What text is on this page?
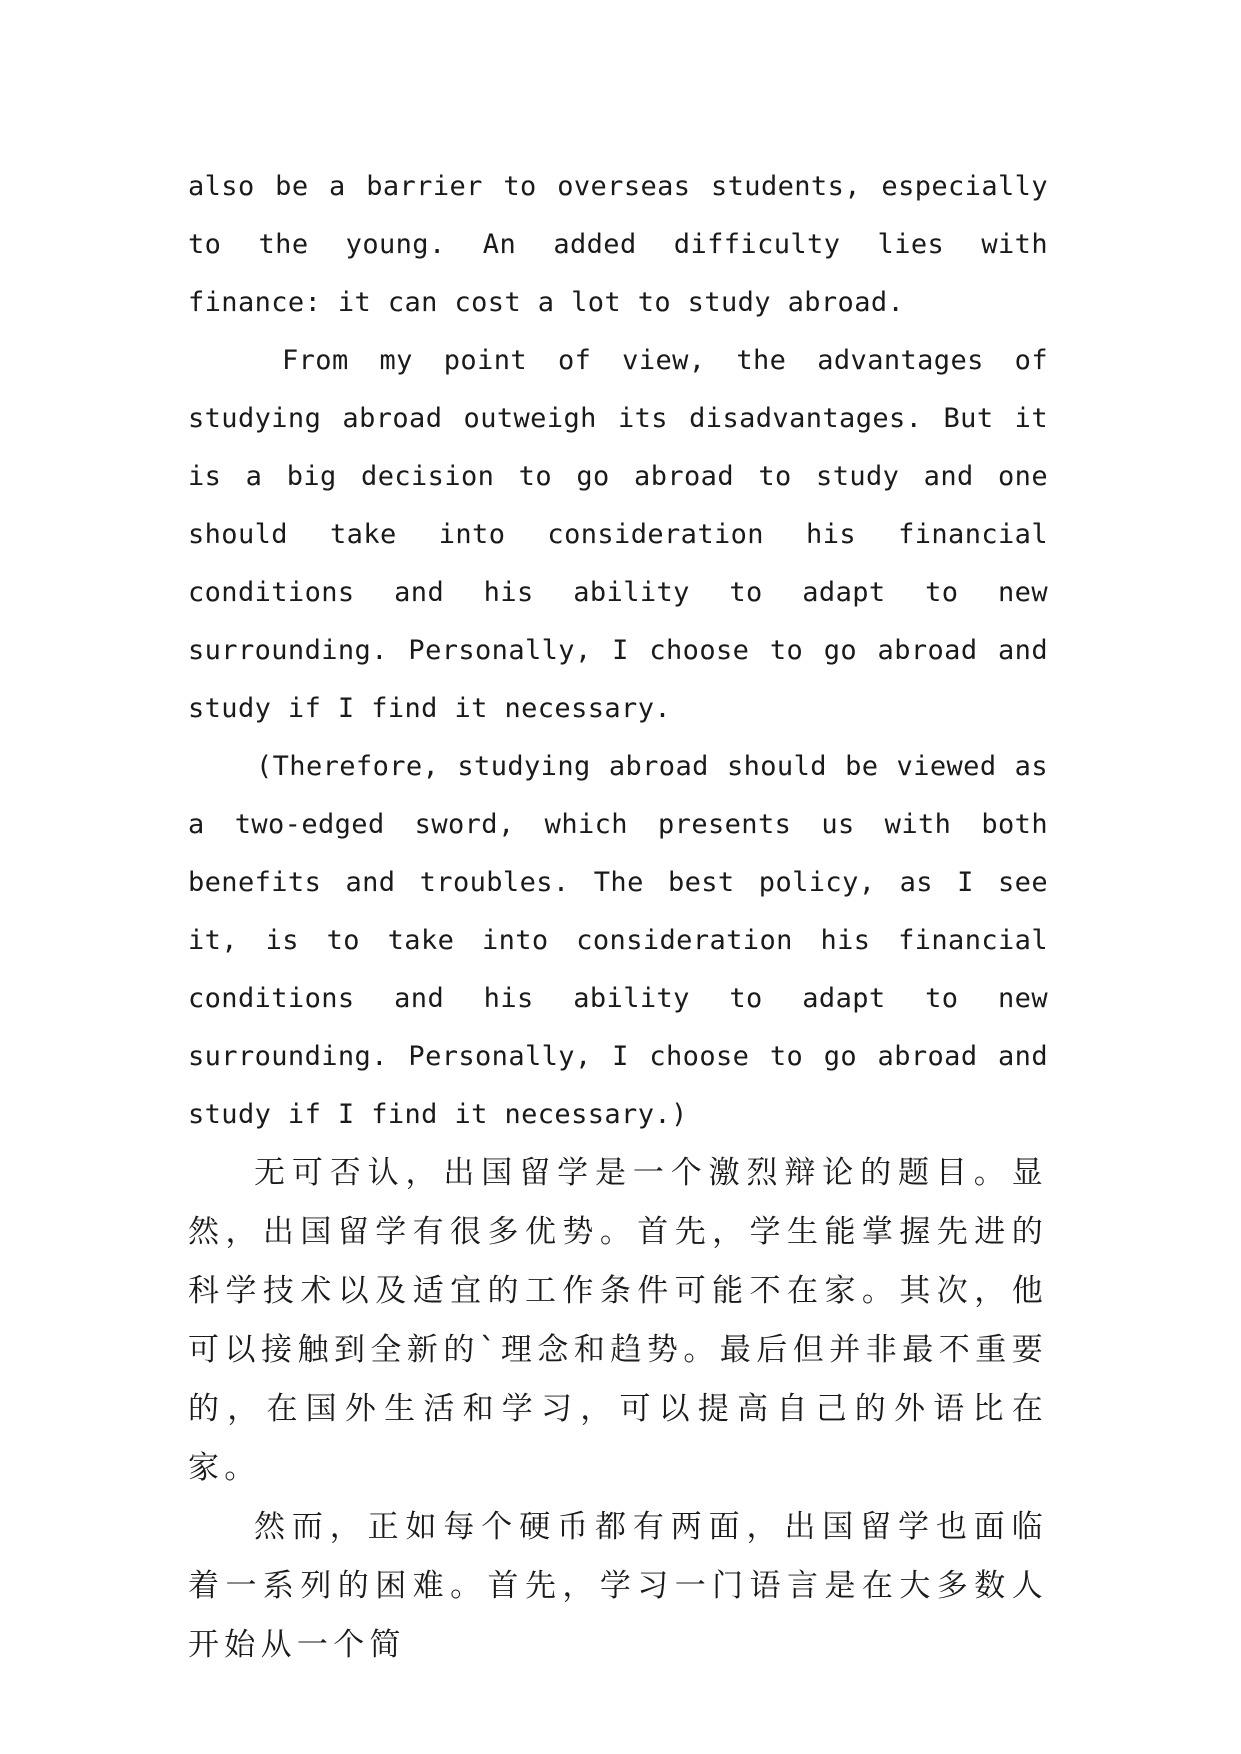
also be a barrier to overseas students, especially to the young. An added difficulty lies with finance: it can cost a lot to study abroad.

From my point of view, the advantages of studying abroad outweigh its disadvantages. But it is a big decision to go abroad to study and one should take into consideration his financial conditions and his ability to adapt to new surrounding. Personally, I choose to go abroad and study if I find it necessary.

(Therefore, studying abroad should be viewed as a two-edged sword, which presents us with both benefits and troubles. The best policy, as I see it, is to take into consideration his financial conditions and his ability to adapt to new surrounding. Personally, I choose to go abroad and study if I find it necessary.)

无可否认，出国留学是一个激烈辩论的题目。显然，出国留学有很多优势。首先，学生能掌握先进的科学技术以及适宜的工作条件可能不在家。其次，他可以接触到全新的`理念和趋势。最后但并非最不重要的，在国外生活和学习，可以提高自己的外语比在家。

然而，正如每个硬币都有两面，出国留学也面临着一系列的困难。首先，学习一门语言是在大多数人开始从一个简
